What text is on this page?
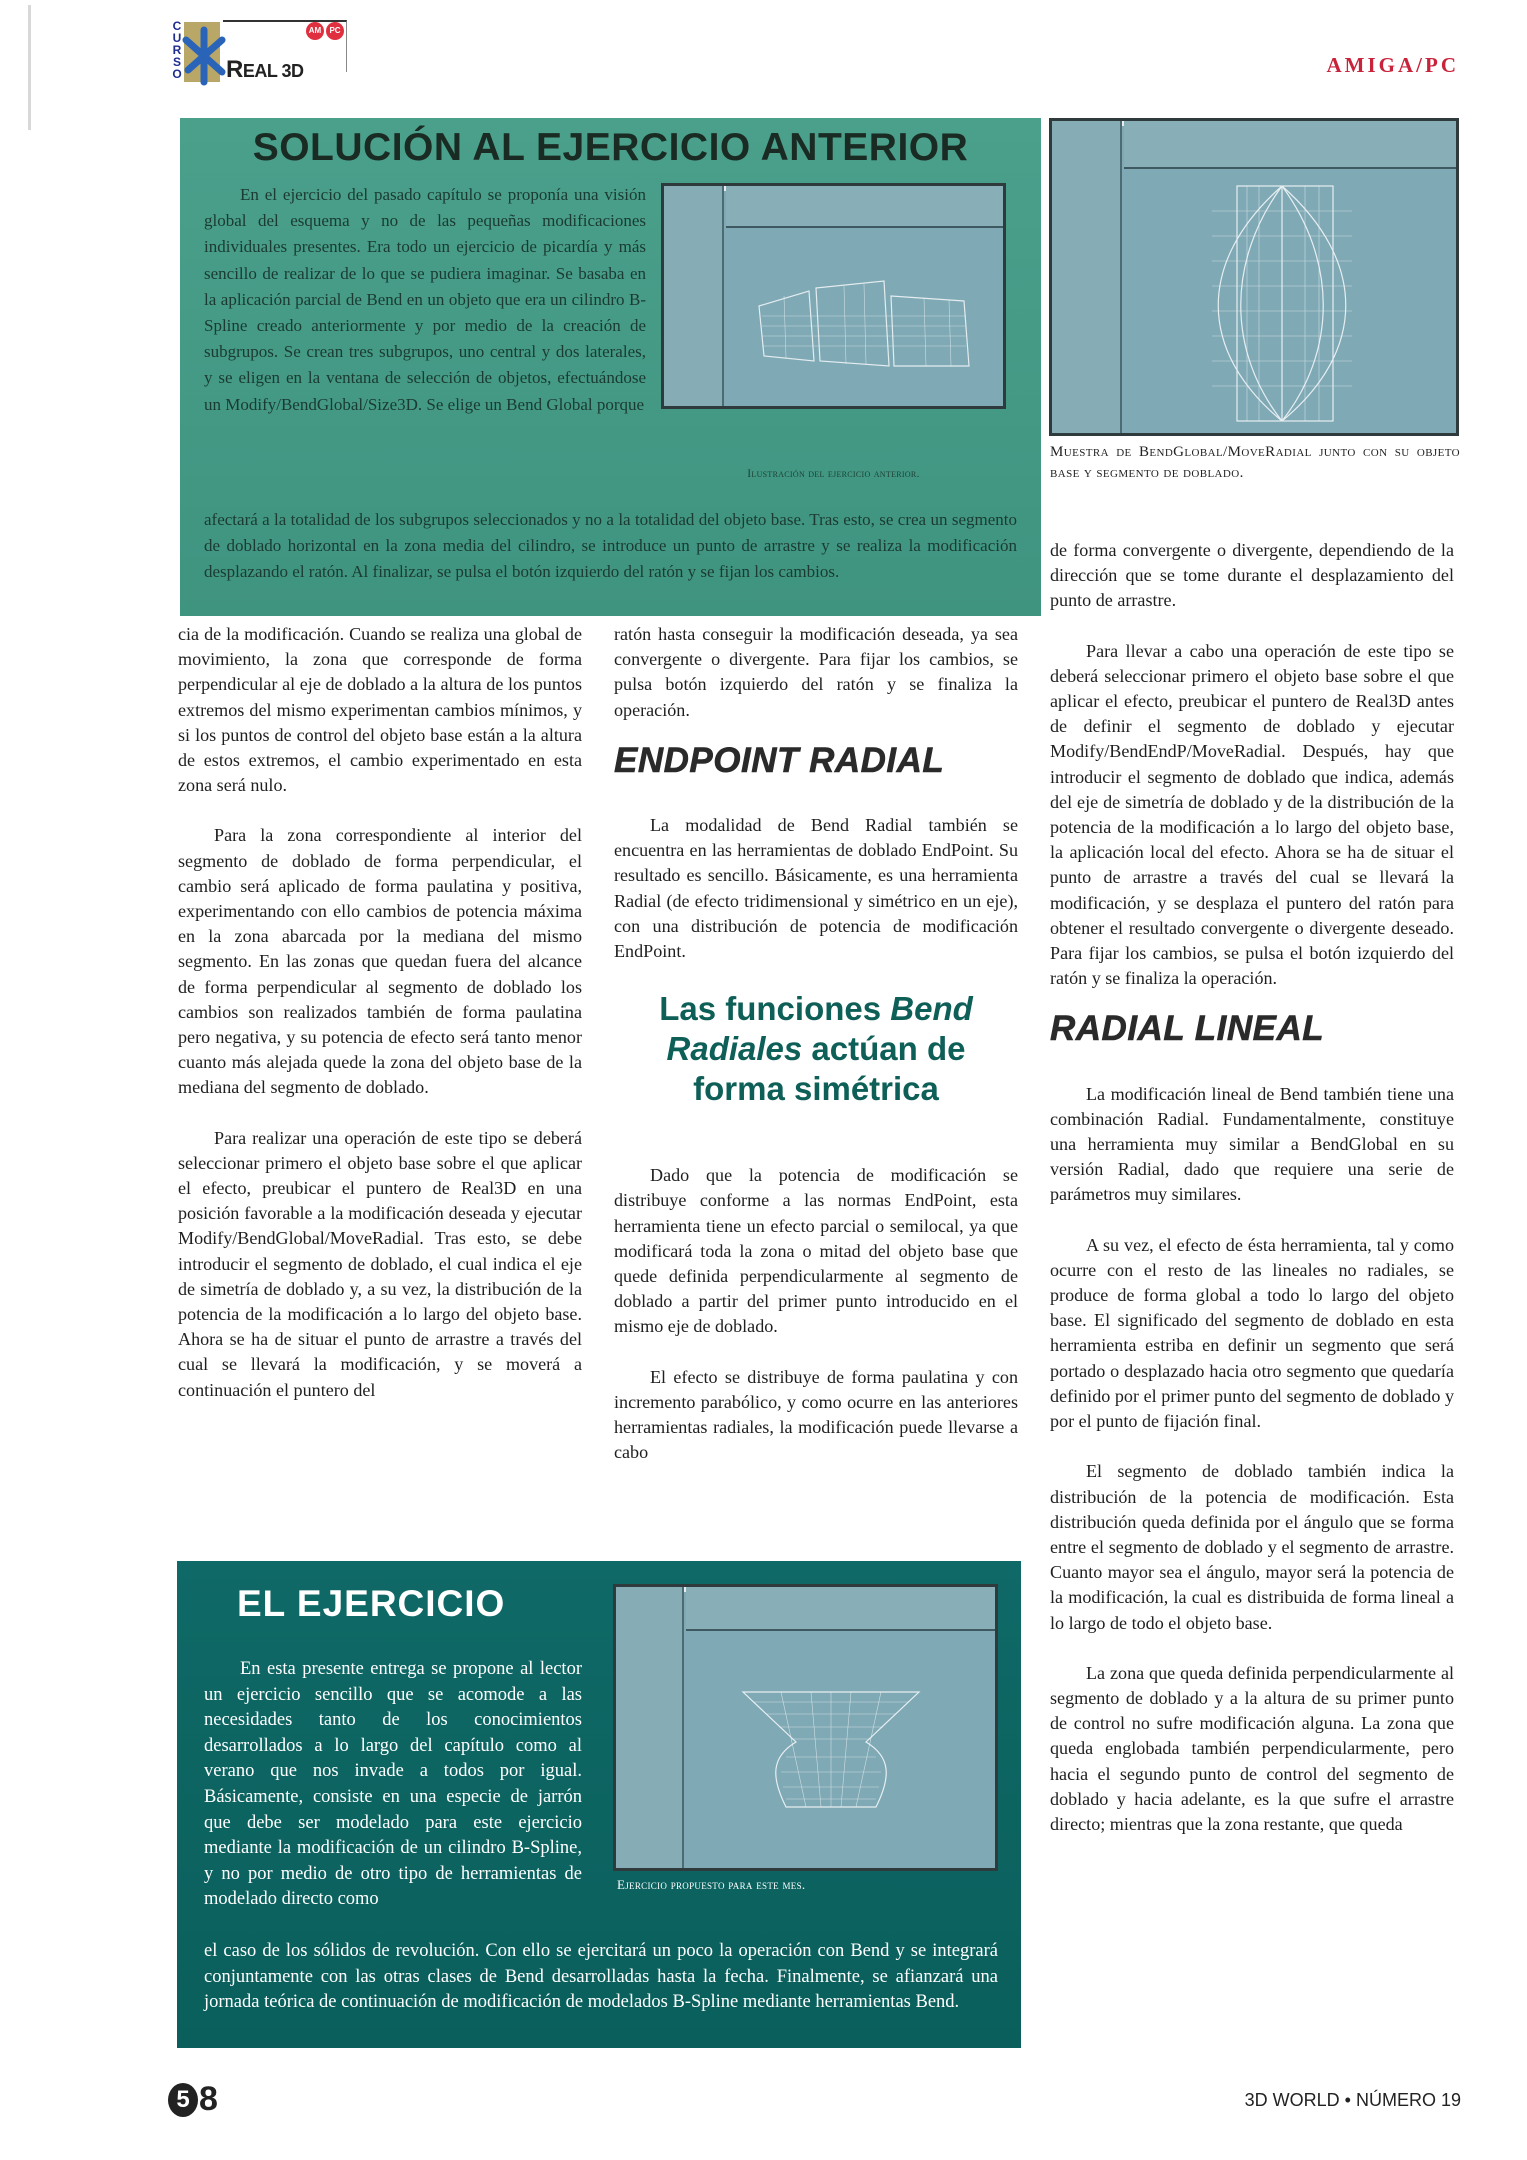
C
U
R
S
O
AM	PC
REAL 3D	AMIGA/PC
SOLUCIÓN AL EJERCICIO ANTERIOR
En el ejercicio del pasado capítulo se proponía una visión global del esquema y no de las pequeñas modificaciones individuales presentes. Era todo un ejercicio de picardía y más sencillo de realizar de lo que se pudiera imaginar. Se basaba en la aplicación parcial de Bend en un objeto que era un cilindro B-Spline creado anteriormente y por medio de la creación de subgrupos. Se crean tres subgrupos, uno central y dos laterales, y se eligen en la ventana de selección de objetos, efectuándose un Modify/BendGlobal/Size3D. Se elige un Bend Global porque
Ilustración del ejercicio anterior.
afectará a la totalidad de los subgrupos seleccionados y no a la totalidad del objeto base. Tras esto, se crea un segmento de doblado horizontal en la zona media del cilindro, se introduce un punto de arrastre y se realiza la modificación desplazando el ratón. Al finalizar, se pulsa el botón izquierdo del ratón y se fijan los cambios.
Muestra de BendGlobal/MoveRadial junto con su objeto base y segmento de doblado.

cia de la modificación. Cuando se realiza una global de movimiento, la zona que corresponde de forma perpendicular al eje de doblado a la altura de los puntos extremos del mismo experimentan cambios mínimos, y si los puntos de control del objeto base están a la altura de estos extremos, el cambio experimentado en esta zona será nulo.

Para la zona correspondiente al interior del segmento de doblado de forma perpendicular, el cambio será aplicado de forma paulatina y positiva, experimentando con ello cambios de potencia máxima en la zona abarcada por la mediana del mismo segmento. En las zonas que quedan fuera del alcance de forma perpendicular al segmento de doblado los cambios son realizados también de forma paulatina pero negativa, y su potencia de efecto será tanto menor cuanto más alejada quede la zona del objeto base de la mediana del segmento de doblado.

Para realizar una operación de este tipo se deberá seleccionar primero el objeto base sobre el que aplicar el efecto, preubicar el puntero de Real3D en una posición favorable a la modificación deseada y ejecutar Modify/BendGlobal/MoveRadial. Tras esto, se debe introducir el segmento de doblado, el cual indica el eje de simetría de doblado y, a su vez, la distribución de la potencia de la modificación a lo largo del objeto base. Ahora se ha de situar el punto de arrastre a través del cual se llevará la modificación, y se moverá a continuación el puntero del

ratón hasta conseguir la modificación deseada, ya sea convergente o divergente. Para fijar los cambios, se pulsa botón izquierdo del ratón y se finaliza la operación.

ENDPOINT RADIAL

La modalidad de Bend Radial también se encuentra en las herramientas de doblado EndPoint. Su resultado es sencillo. Básicamente, es una herramienta Radial (de efecto tridimensional y simétrico en un eje), con una distribución de potencia de modificación EndPoint.

Las funciones Bend
Radiales actúan de
forma simétrica

Dado que la potencia de modificación se distribuye conforme a las normas EndPoint, esta herramienta tiene un efecto parcial o semilocal, ya que modificará toda la zona o mitad del objeto base que quede definida perpendicularmente al segmento de doblado a partir del primer punto introducido en el mismo eje de doblado.

El efecto se distribuye de forma paulatina y con incremento parabólico, y como ocurre en las anteriores herramientas radiales, la modificación puede llevarse a cabo

de forma convergente o divergente, dependiendo de la dirección que se tome durante el desplazamiento del punto de arrastre.

Para llevar a cabo una operación de este tipo se deberá seleccionar primero el objeto base sobre el que aplicar el efecto, preubicar el puntero de Real3D antes de definir el segmento de doblado y ejecutar Modify/BendEndP/MoveRadial. Después, hay que introducir el segmento de doblado que indica, además del eje de simetría de doblado y de la distribución de la potencia de la modificación a lo largo del objeto base, la aplicación local del efecto. Ahora se ha de situar el punto de arrastre a través del cual se llevará la modificación, y se desplaza el puntero del ratón para obtener el resultado convergente o divergente deseado. Para fijar los cambios, se pulsa el botón izquierdo del ratón y se finaliza la operación.

RADIAL LINEAL

La modificación lineal de Bend también tiene una combinación Radial. Fundamentalmente, constituye una herramienta muy similar a BendGlobal en su versión Radial, dado que requiere una serie de parámetros muy similares.

A su vez, el efecto de ésta herramienta, tal y como ocurre con el resto de las lineales no radiales, se produce de forma global a todo lo largo del objeto base. El significado del segmento de doblado en esta herramienta estriba en definir un segmento que será portado o desplazado hacia otro segmento que quedaría definido por el primer punto del segmento de doblado y por el punto de fijación final.

El segmento de doblado también indica la distribución de la potencia de modificación. Esta distribución queda definida por el ángulo que se forma entre el segmento de doblado y el segmento de arrastre. Cuanto mayor sea el ángulo, mayor será la potencia de la modificación, la cual es distribuida de forma lineal a lo largo de todo el objeto base.

La zona que queda definida perpendicularmente al segmento de doblado y a la altura de su primer punto de control no sufre modificación alguna. La zona que queda englobada también perpendicularmente, pero hacia el segundo punto de control del segmento de doblado y hacia adelante, es la que sufre el arrastre directo; mientras que la zona restante, que queda

EL EJERCICIO
En esta presente entrega se propone al lector un ejercicio sencillo que se acomode a las necesidades tanto de los conocimientos desarrollados a lo largo del capítulo como al verano que nos invade a todos por igual. Básicamente, consiste en una especie de jarrón que debe ser modelado para este ejercicio mediante la modificación de un cilindro B-Spline, y no por medio de otro tipo de herramientas de modelado directo como
Ejercicio propuesto para este mes.
el caso de los sólidos de revolución. Con ello se ejercitará un poco la operación con Bend y se integrará conjuntamente con las otras clases de Bend desarrolladas hasta la fecha. Finalmente, se afianzará una jornada teórica de continuación de modificación de modelados B-Spline mediante herramientas Bend.
5 8	3D WORLD • NÚMERO 19
